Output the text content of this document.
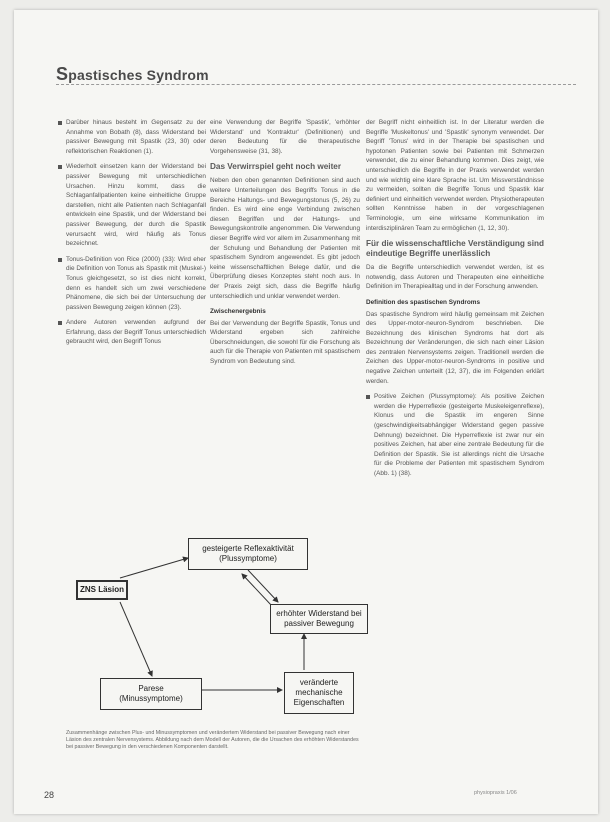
Spastisches Syndrom

Darüber hinaus besteht im Gegensatz zu der Annahme von Bobath (8), dass Widerstand bei passiver Bewegung mit Spastik (23, 30) oder reflektorischen Reaktionen (1).

Wiederholt einsetzen kann der Widerstand bei passiver Bewegung mit unterschiedlichen Ursachen. Hinzu kommt, dass die Schlaganfallpatienten keine einheitliche Gruppe darstellen, nicht alle Patienten nach Schlaganfall entwickeln eine Spastik, und der Widerstand bei passiver Bewegung, der durch die Spastik verursacht wird, wird häufig als Tonus bezeichnet.

Tonus-Definition von Rice (2000) (33): Wird eher die Definition von Tonus als Spastik mit (Muskel-) Tonus gleichgesetzt, so ist dies nicht korrekt, denn es handelt sich um zwei verschiedene Phänomene, die sich bei der Untersuchung der passiven Bewegung zeigen können (23).

Andere Autoren verwenden aufgrund der Erfahrung, dass der Begriff Tonus unterschiedlich gebraucht wird, den Begriff Tonus

eine Verwendung der Begriffe 'Spastik', 'erhöhter Widerstand' und 'Kontraktur' (Definitionen) und deren Bedeutung für die therapeutische Vorgehensweise (31, 38).

Das Verwirrspiel geht noch weiter

Neben den oben genannten Definitionen sind auch weitere Unterteilungen des Begriffs Tonus in die Bereiche Haltungs- und Bewegungstonus (5, 26) zu finden. Es wird eine enge Verbindung zwischen diesen Begriffen und der Haltungs- und Bewegungskontrolle angenommen. Die Verwendung dieser Begriffe wird vor allem im Zusammenhang mit der Schulung und Behandlung der Patienten mit spastischem Syndrom angewendet. Es gibt jedoch keine wissenschaftlichen Belege dafür, und die Überprüfung dieses Konzeptes steht noch aus. In der Praxis zeigt sich, dass die Begriffe häufig unterschiedlich und unklar verwendet werden.

Zwischenergebnis

Bei der Verwendung der Begriffe Spastik, Tonus und Widerstand ergeben sich zahlreiche Überschneidungen, die sowohl für die Forschung als auch für die Therapie von Patienten mit spastischem Syndrom von Bedeutung sind.

der Begriff nicht einheitlich ist. In der Literatur werden die Begriffe 'Muskeltonus' und 'Spastik' synonym verwendet. Der Begriff 'Tonus' wird in der Therapie bei spastischen und hypotonen Patienten sowie bei Patienten mit Schmerzen verwendet, die zu einer Behandlung kommen. Dies zeigt, wie unterschiedlich die Begriffe in der Praxis verwendet werden und wie wichtig eine klare Sprache ist. Um Missverständnisse zu vermeiden, sollten die Begriffe Tonus und Spastik klar definiert und einheitlich verwendet werden. Physiotherapeuten sollten Kenntnisse haben in der vorgeschlagenen Terminologie, um eine wirksame Kommunikation im interdisziplinären Team zu ermöglichen (1, 12, 30).

Für die wissenschaftliche Verständigung sind eindeutige Begriffe unerlässlich

Da die Begriffe unterschiedlich verwendet werden, ist es notwendig, dass Autoren und Therapeuten eine einheitliche Definition im Therapiealltag und in der Forschung anwenden.

Definition des spastischen Syndroms

Das spastische Syndrom wird häufig gemeinsam mit Zeichen des Upper-motor-neuron-Syndrom beschrieben. Die Bezeichnung des klinischen Syndroms hat dort als Bezeichnung der Veränderungen, die sich nach einer Läsion des zentralen Nervensystems zeigen. Traditionell werden die Zeichen des Upper-motor-neuron-Syndroms in positive und negative Zeichen unterteilt (12, 37), die im Folgenden erklärt werden.

Positive Zeichen (Plussymptome): Als positive Zeichen werden die Hyperreflexie (gesteigerte Muskeleigenreflexe), Klonus und die Spastik im engeren Sinne (geschwindigkeitsabhängiger Widerstand gegen passive Dehnung) bezeichnet. Die Hyperreflexie ist zwar nur ein positives Zeichen, hat aber eine zentrale Bedeutung für die Definition der Spastik. Sie ist allerdings nicht die Ursache für die Probleme der Patienten mit spastischem Syndrom (Abb. 1) (38).

gesteigerte Reflexaktivität
(Plussymptome)
ZNS Läsion
erhöhter Widerstand bei
passiver Bewegung
Parese
(Minussymptome)
veränderte
mechanische
Eigenschaften
Zusammenhänge zwischen Plus- und Minussymptomen und verändertem Widerstand bei passiver Bewegung nach einer Läsion des zentralen Nervensystems. Abbildung nach dem Modell der Autoren, die die Ursachen des erhöhten Widerstandes bei passiver Bewegung in den verschiedenen Komponenten darstellt.
28	physiopraxis 1/06
